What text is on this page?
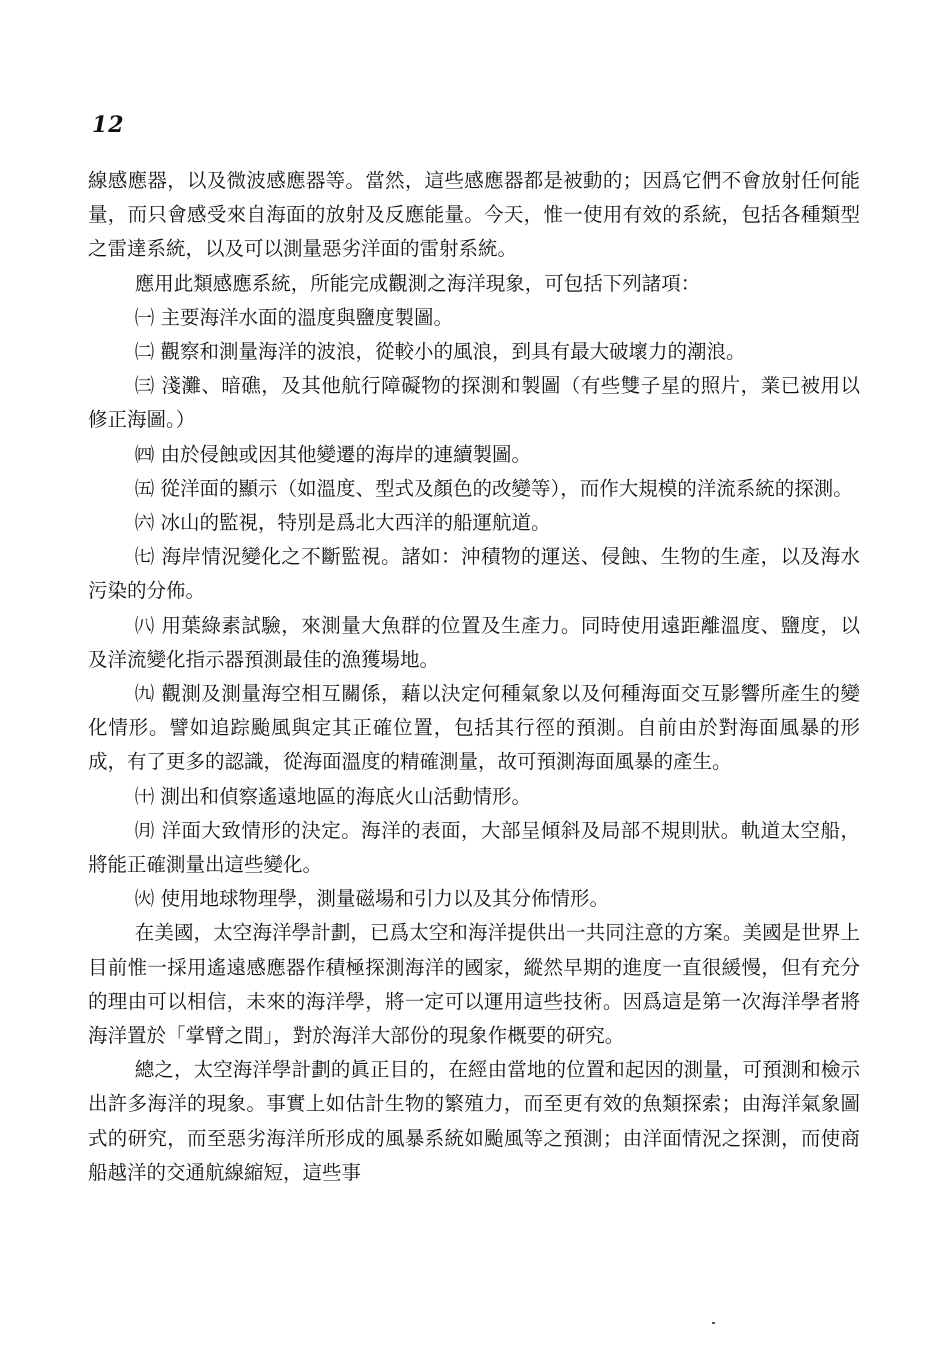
12

線感應器，以及微波感應器等。當然，這些感應器都是被動的；因爲它們不會放射任何能量，而只會感受來自海面的放射及反應能量。今天，惟一使用有效的系統，包括各種類型之雷達系統，以及可以測量惡劣洋面的雷射系統。

應用此類感應系統，所能完成觀測之海洋現象，可包括下列諸項：

㈠ 主要海洋水面的溫度與鹽度製圖。

㈡ 觀察和測量海洋的波浪，從較小的風浪，到具有最大破壞力的潮浪。

㈢ 淺灘、暗礁，及其他航行障礙物的探測和製圖（有些雙子星的照片，業已被用以修正海圖。）

㈣ 由於侵蝕或因其他變遷的海岸的連續製圖。

㈤ 從洋面的顯示（如溫度、型式及顏色的改變等），而作大規模的洋流系統的探測。

㈥ 冰山的監視，特別是爲北大西洋的船運航道。

㈦ 海岸情況變化之不斷監視。諸如：沖積物的運送、侵蝕、生物的生產，以及海水污染的分佈。

㈧ 用葉綠素試驗，來測量大魚群的位置及生產力。同時使用遠距離溫度、鹽度，以及洋流變化指示器預測最佳的漁獲場地。

㈨ 觀測及測量海空相互關係，藉以決定何種氣象以及何種海面交互影響所產生的變化情形。譬如追踪颱風與定其正確位置，包括其行徑的預測。自前由於對海面風暴的形成，有了更多的認識，從海面溫度的精確測量，故可預測海面風暴的產生。

㈩ 測出和偵察遙遠地區的海底火山活動情形。

㈪ 洋面大致情形的決定。海洋的表面，大部呈傾斜及局部不規則狀。軌道太空船，將能正確測量出這些變化。

㈫ 使用地球物理學，測量磁場和引力以及其分佈情形。

在美國，太空海洋學計劃，已爲太空和海洋提供出一共同注意的方案。美國是世界上目前惟一採用遙遠感應器作積極探測海洋的國家，縱然早期的進度一直很緩慢，但有充分的理由可以相信，未來的海洋學，將一定可以運用這些技術。因爲這是第一次海洋學者將海洋置於「掌臂之間」，對於海洋大部份的現象作概要的研究。

總之，太空海洋學計劃的眞正目的，在經由當地的位置和起因的測量，可預測和檢示出許多海洋的現象。事實上如估計生物的繁殖力，而至更有效的魚類探索；由海洋氣象圖式的研究，而至惡劣海洋所形成的風暴系統如颱風等之預測；由洋面情況之探測，而使商船越洋的交通航線縮短，這些事
